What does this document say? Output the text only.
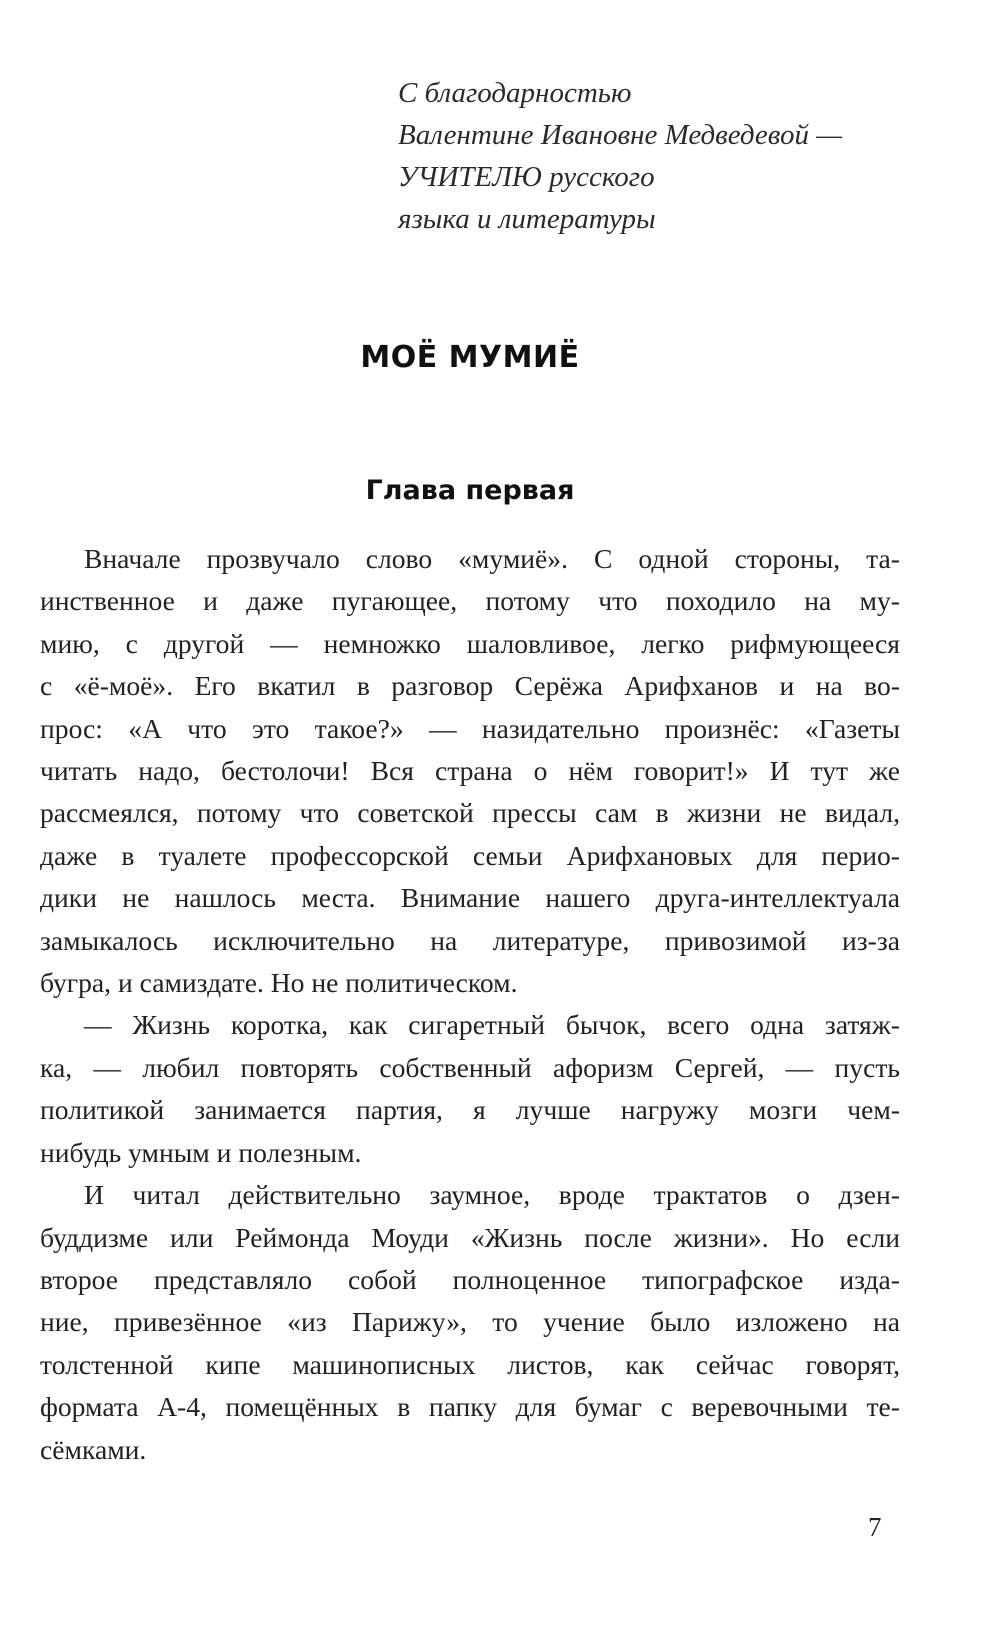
С благодарностью
Валентине Ивановне Медведевой —
УЧИТЕЛЮ русского
языка и литературы
МОЁ МУМИЁ
Глава первая
Вначале прозвучало слово «мумиё». С одной стороны, та-
инственное и даже пугающее, потому что походило на му-
мию, с другой — немножко шаловливое, легко рифмующееся
с «ё-моё». Его вкатил в разговор Серёжа Арифханов и на во-
прос: «А что это такое?» — назидательно произнёс: «Газеты
читать надо, бестолочи! Вся страна о нём говорит!» И тут же
рассмеялся, потому что советской прессы сам в жизни не видал,
даже в туалете профессорской семьи Арифхановых для перио-
дики не нашлось места. Внимание нашего друга-интеллектуала
замыкалось исключительно на литературе, привозимой из-за
бугра, и самиздате. Но не политическом.
— Жизнь коротка, как сигаретный бычок, всего одна затяж-
ка, — любил повторять собственный афоризм Сергей, — пусть
политикой занимается партия, я лучше нагружу мозги чем-
нибудь умным и полезным.
И читал действительно заумное, вроде трактатов о дзен-
буддизме или Реймонда Моуди «Жизнь после жизни». Но если
второе представляло собой полноценное типографское изда-
ние, привезённое «из Парижу», то учение было изложено на
толстенной кипе машинописных листов, как сейчас говорят,
формата А-4, помещённых в папку для бумаг с веревочными те-
сёмками.
7
